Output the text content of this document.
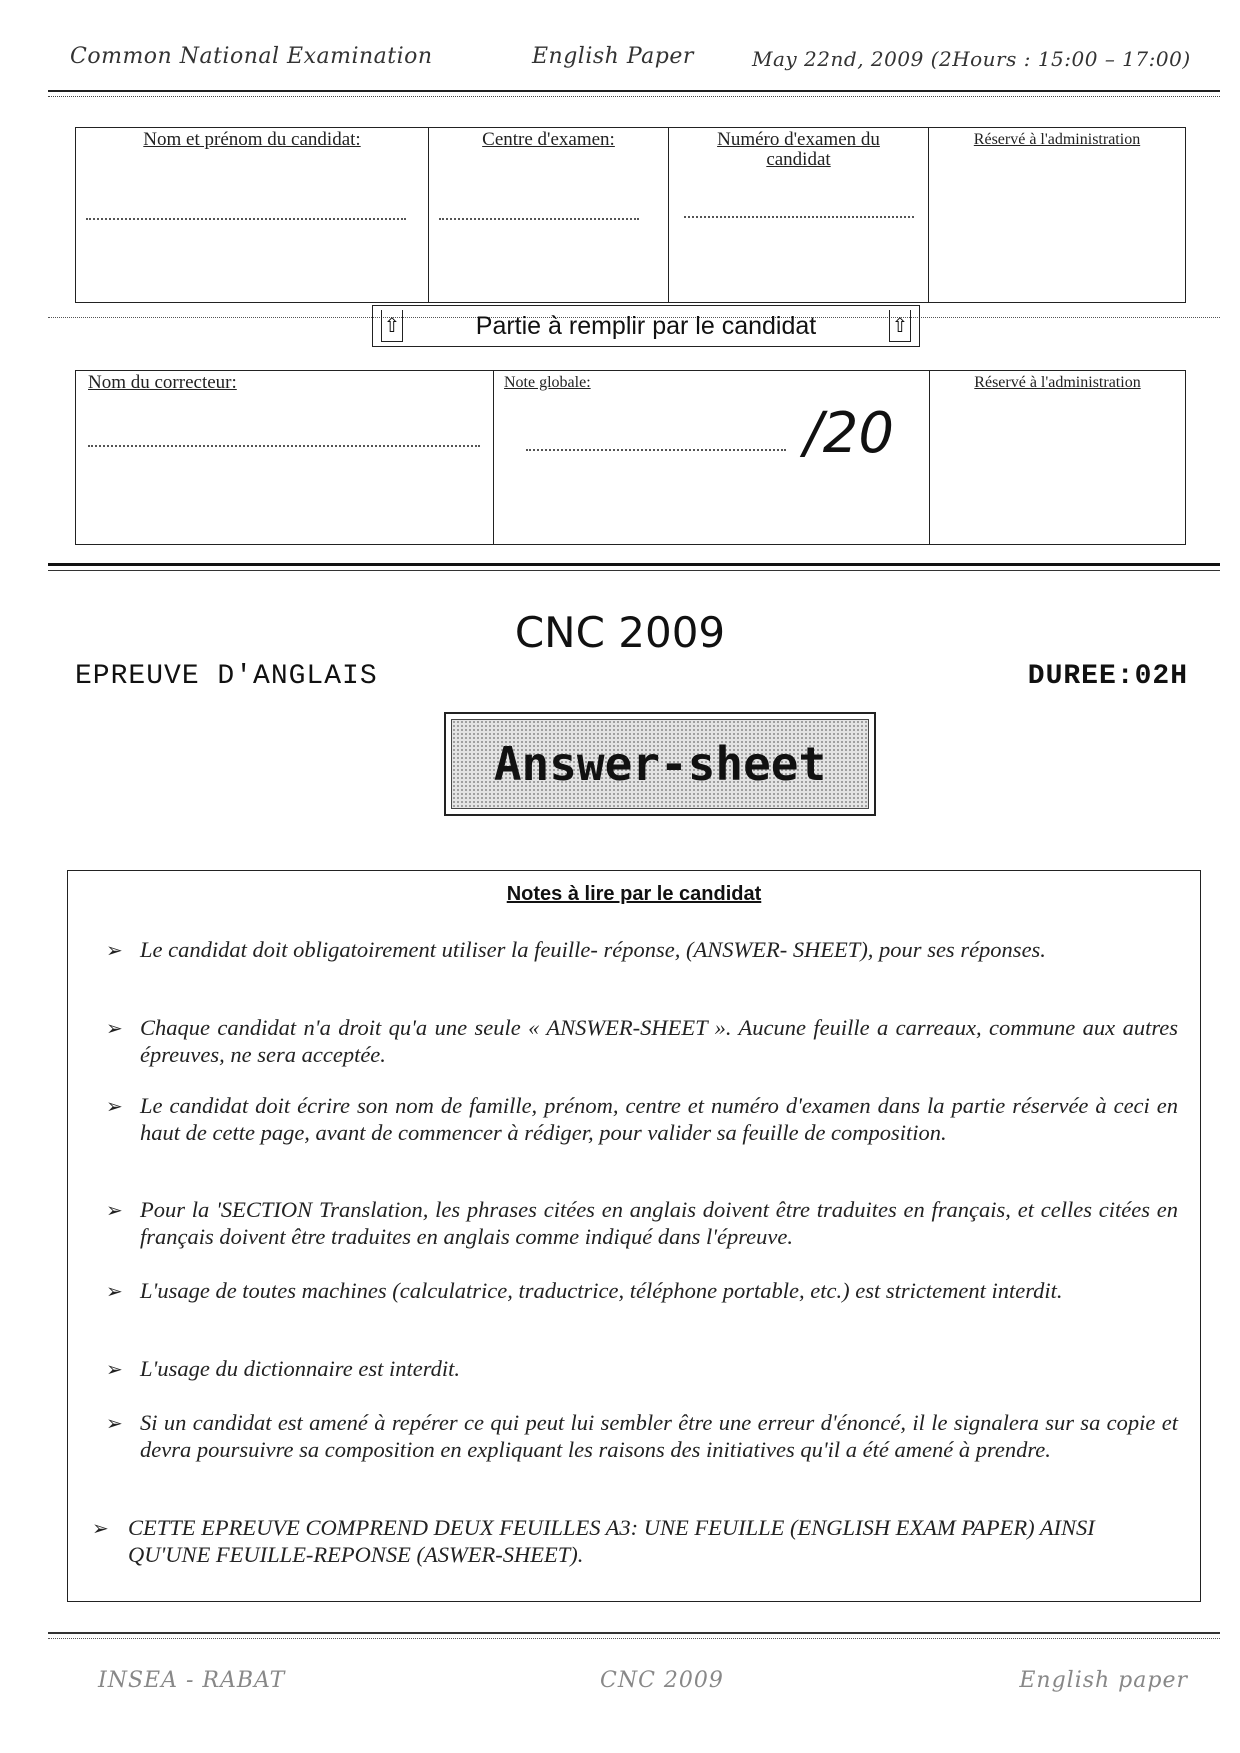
Common National Examination	English Paper	May 22nd, 2009 (2Hours : 15:00 – 17:00)
Nom et prénom du candidat:	Centre d'examen:	Numéro d'examen du candidat
Réservé à l'administration
⇧	Partie à remplir par le candidat	⇧
Nom du correcteur:	Note globale:
/20
Réservé à l'administration
CNC 2009
EPREUVE D'ANGLAIS	DUREE:02H
Answer-sheet
Notes à lire par le candidat
➢ Le candidat doit obligatoirement utiliser la feuille- réponse, (ANSWER- SHEET), pour ses réponses.
➢ Chaque candidat n'a droit qu'a une seule « ANSWER-SHEET ». Aucune feuille a carreaux, commune aux autres épreuves, ne sera acceptée.
➢ Le candidat doit écrire son nom de famille, prénom, centre et numéro d'examen dans la partie réservée à ceci en haut de cette page, avant de commencer à rédiger, pour valider sa feuille de composition.
➢ Pour la 'SECTION Translation, les phrases citées en anglais doivent être traduites en français, et celles citées en français doivent être traduites en anglais comme indiqué dans l'épreuve.
➢ L'usage de toutes machines (calculatrice, traductrice, téléphone portable, etc.) est strictement interdit.
➢ L'usage du dictionnaire est interdit.
➢ Si un candidat est amené à repérer ce qui peut lui sembler être une erreur d'énoncé, il le signalera sur sa copie et devra poursuivre sa composition en expliquant les raisons des initiatives qu'il a été amené à prendre.
➢ CETTE EPREUVE COMPREND DEUX FEUILLES A3: UNE FEUILLE (ENGLISH EXAM PAPER) AINSI QU'UNE FEUILLE-REPONSE (ASWER-SHEET).
INSEA - RABAT	CNC 2009	English paper
